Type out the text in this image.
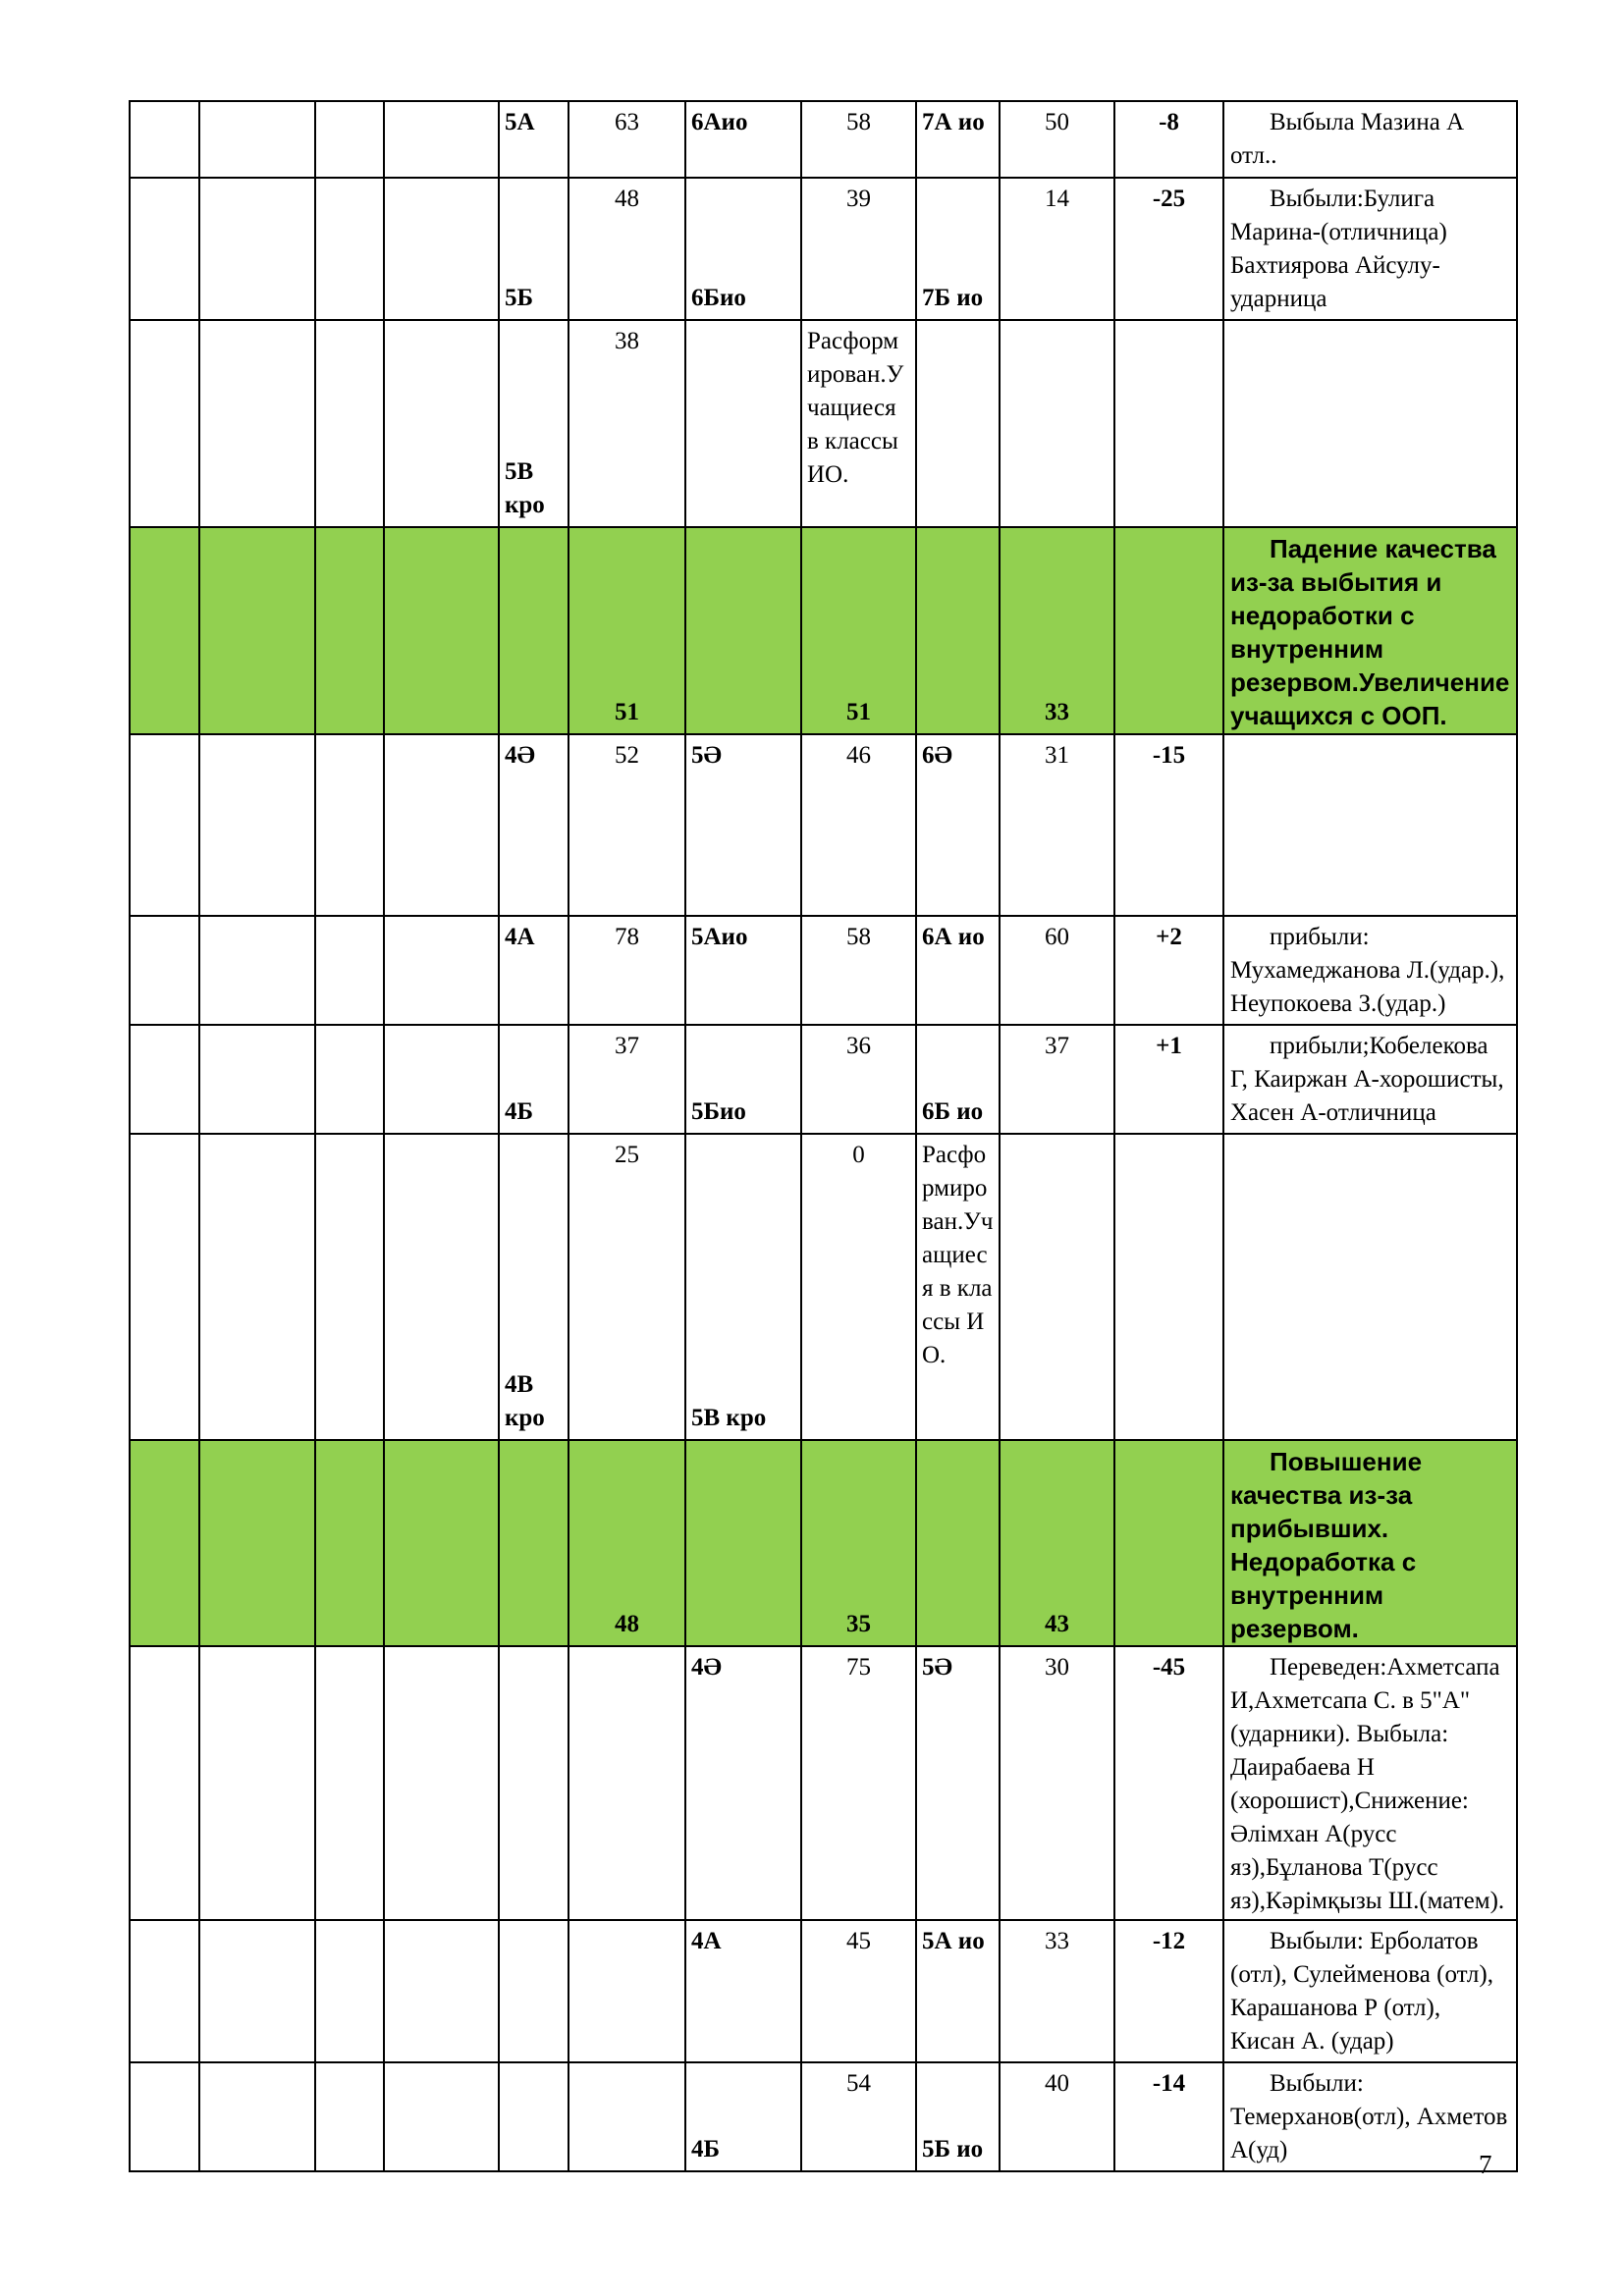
				5А	63	6Аио	58	7А ио	50	-8	Выбыла Мазина А отл..

				5Б	48	6Био	39	7Б ио	14	-25	Выбыли:Булига Марина-(отличница) Бахтиярова Айсулу-ударница

				5В кро	38		Расформирован.Учащиеся в классы ИО.				
					51		51		33		Падение качества из-за выбытия и недоработки с внутренним резервом.Увеличение учащихся с ООП.

				4Ә	52	5Ә	46	6Ә	31	-15	
				4А	78	5Аио	58	6А ио	60	+2	прибыли: Мухамеджанова Л.(удар.), Неупокоева З.(удар.)

				4Б	37	5Био	36	6Б ио	37	+1	прибыли;Кобелекова Г, Каиржан А-хорошисты, Хасен А-отличница

				4В кро	25	5В кро	0	Расформирован.Учащиеся в классы ИО.			
					48		35		43		Повышение качества из-за прибывших. Недоработка с внутренним резервом.

						4Ә	75	5Ә	30	-45	Переведен:Ахметсапа И,Ахметсапа С. в 5"А" (ударники). Выбыла: Даирабаева Н (хорошист),Снижение: Әлімхан А(русс яз),Бұланова Т(русс яз),Кәрімқызы Ш.(матем).

						4А	45	5А ио	33	-12	Выбыли: Ерболатов (отл), Сулейменова (отл), Карашанова Р (отл), Кисан А. (удар)

						4Б	54	5Б ио	40	-14	Выбыли: Темерханов(отл), Ахметов А(уд)	7
